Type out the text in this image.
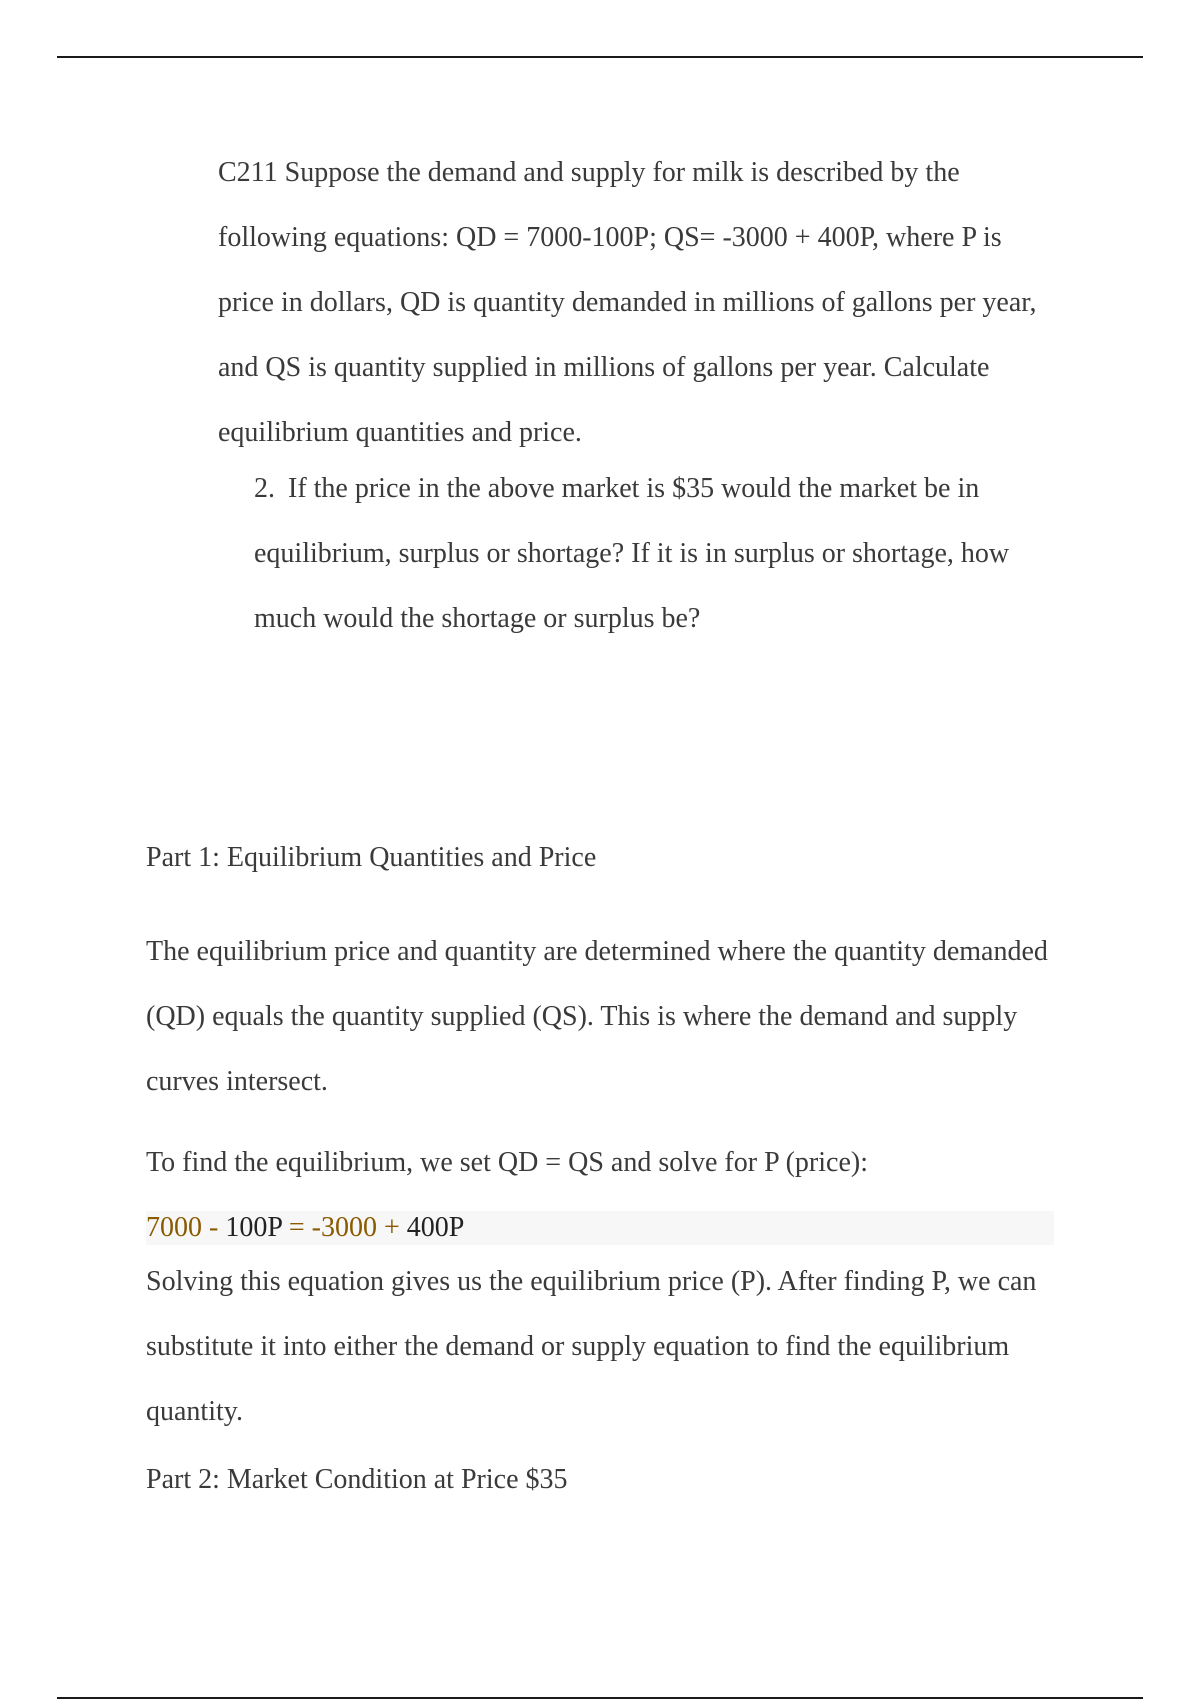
C211 Suppose the demand and supply for milk is described by the

following equations: QD = 7000-100P; QS= -3000 + 400P, where P is

price in dollars, QD is quantity demanded in millions of gallons per year,

and QS is quantity supplied in millions of gallons per year. Calculate

equilibrium quantities and price.

2. If the price in the above market is $35 would the market be in
equilibrium, surplus or shortage? If it is in surplus or shortage, how
much would the shortage or surplus be?

Part 1: Equilibrium Quantities and Price

The equilibrium price and quantity are determined where the quantity demanded
(QD) equals the quantity supplied (QS). This is where the demand and supply
curves intersect.

To find the equilibrium, we set QD = QS and solve for P (price):

7000 - 100P = -3000 + 400P
Solving this equation gives us the equilibrium price (P). After finding P, we can
substitute it into either the demand or supply equation to find the equilibrium
quantity.

Part 2: Market Condition at Price $35
